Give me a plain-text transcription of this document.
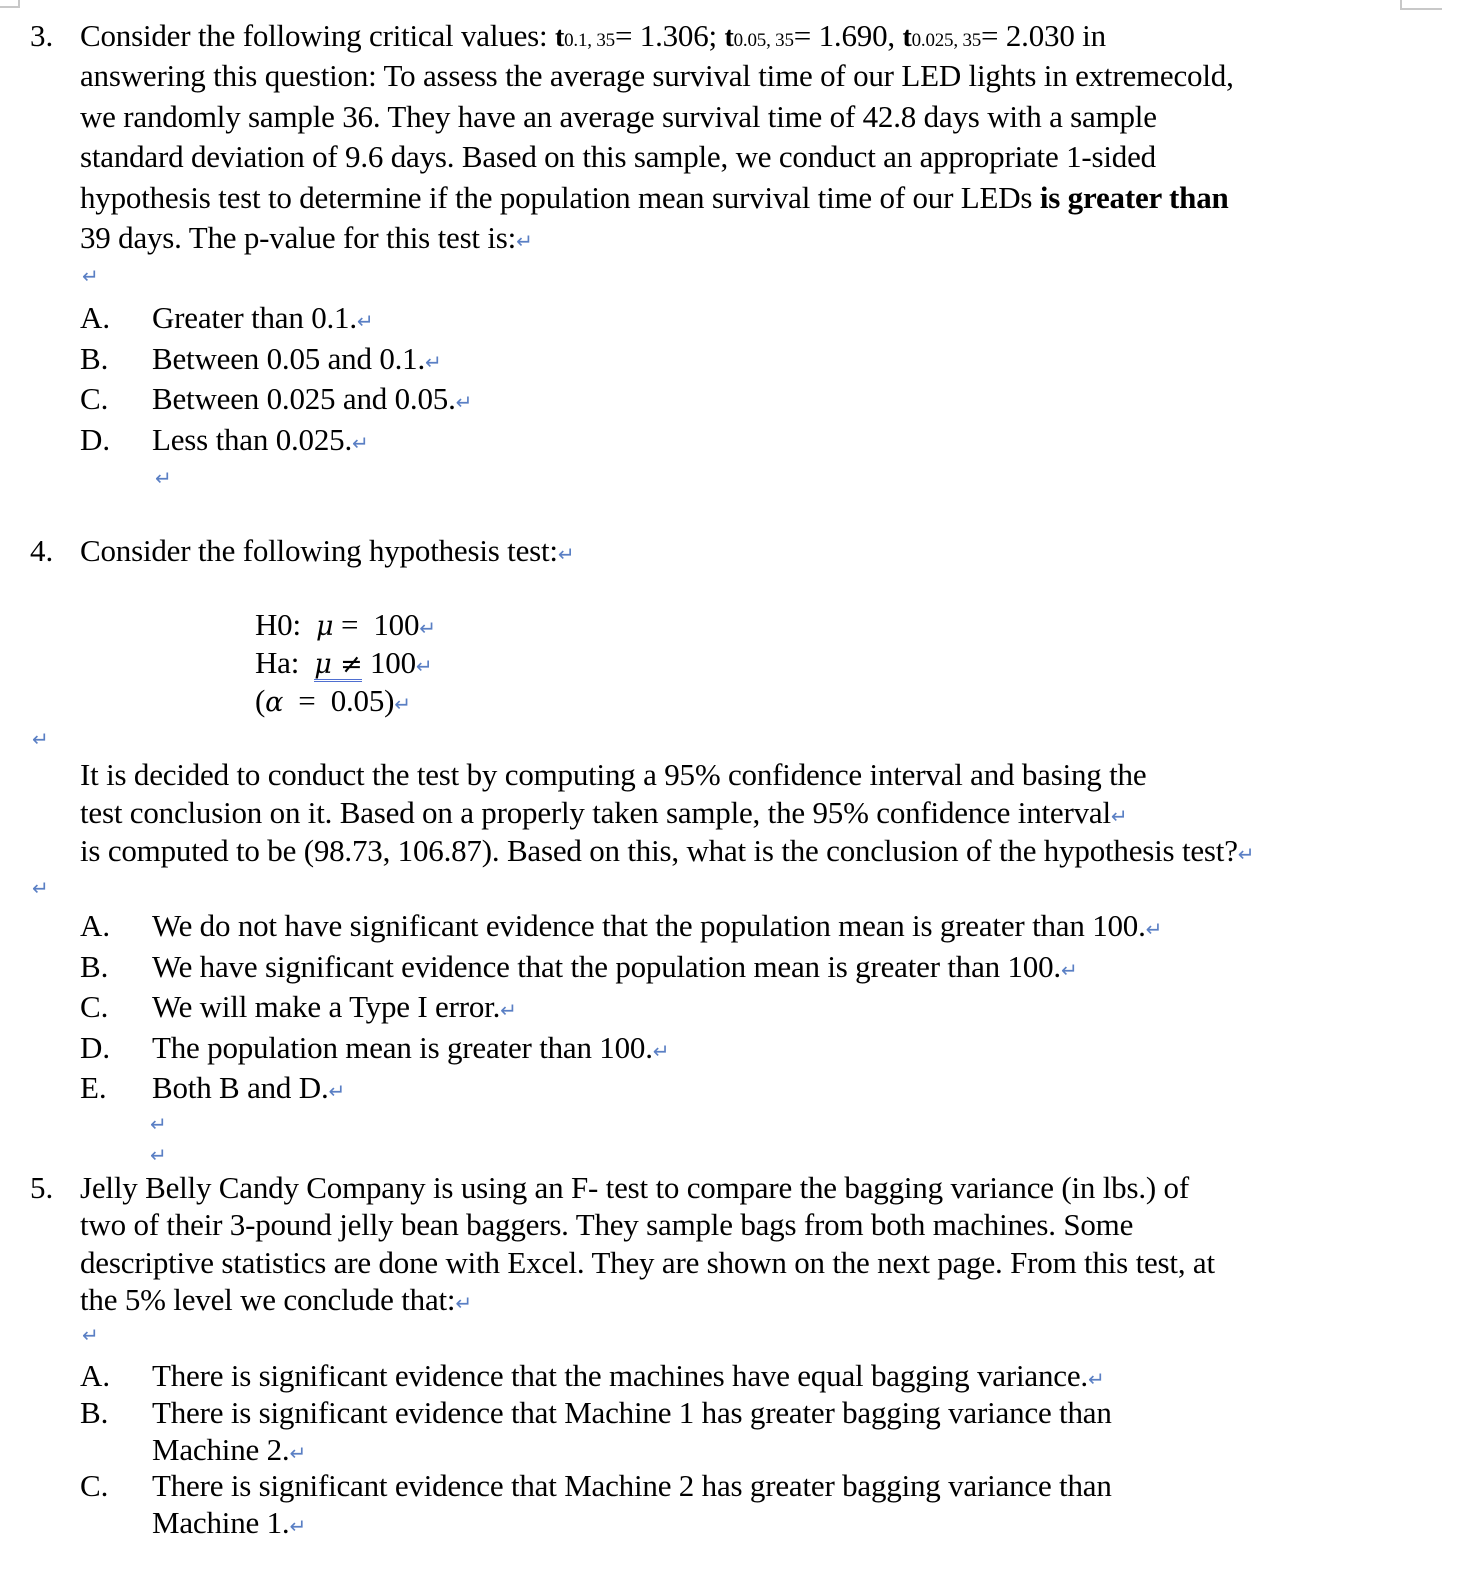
3. Consider the following critical values: t0.1, 35= 1.306; t0.05, 35= 1.690, t0.025, 35= 2.030 in
answering this question: To assess the average survival time of our LED lights in extremecold,
we randomly sample 36. They have an average survival time of 42.8 days with a sample
standard deviation of 9.6 days. Based on this sample, we conduct an appropriate 1-sided
hypothesis test to determine if the population mean survival time of our LEDs is greater than
39 days. The p-value for this test is:↵
↵
A. Greater than 0.1.↵
B. Between 0.05 and 0.1.↵
C. Between 0.025 and 0.05.↵
D. Less than 0.025.↵
↵
4. Consider the following hypothesis test:↵
H0: μ = 100↵
Ha: μ ≠ 100↵
(α = 0.05)↵
↵
It is decided to conduct the test by computing a 95% confidence interval and basing the
test conclusion on it. Based on a properly taken sample, the 95% confidence interval↵
is computed to be (98.73, 106.87). Based on this, what is the conclusion of the hypothesis test?↵
↵
A. We do not have significant evidence that the population mean is greater than 100.↵
B. We have significant evidence that the population mean is greater than 100.↵
C. We will make a Type I error.↵
D. The population mean is greater than 100.↵
E. Both B and D.↵
↵
↵
5. Jelly Belly Candy Company is using an F- test to compare the bagging variance (in lbs.) of
two of their 3-pound jelly bean baggers. They sample bags from both machines. Some
descriptive statistics are done with Excel. They are shown on the next page. From this test, at
the 5% level we conclude that:↵
↵
A. There is significant evidence that the machines have equal bagging variance.↵
B. There is significant evidence that Machine 1 has greater bagging variance than
Machine 2.↵
C. There is significant evidence that Machine 2 has greater bagging variance than
Machine 1.↵
